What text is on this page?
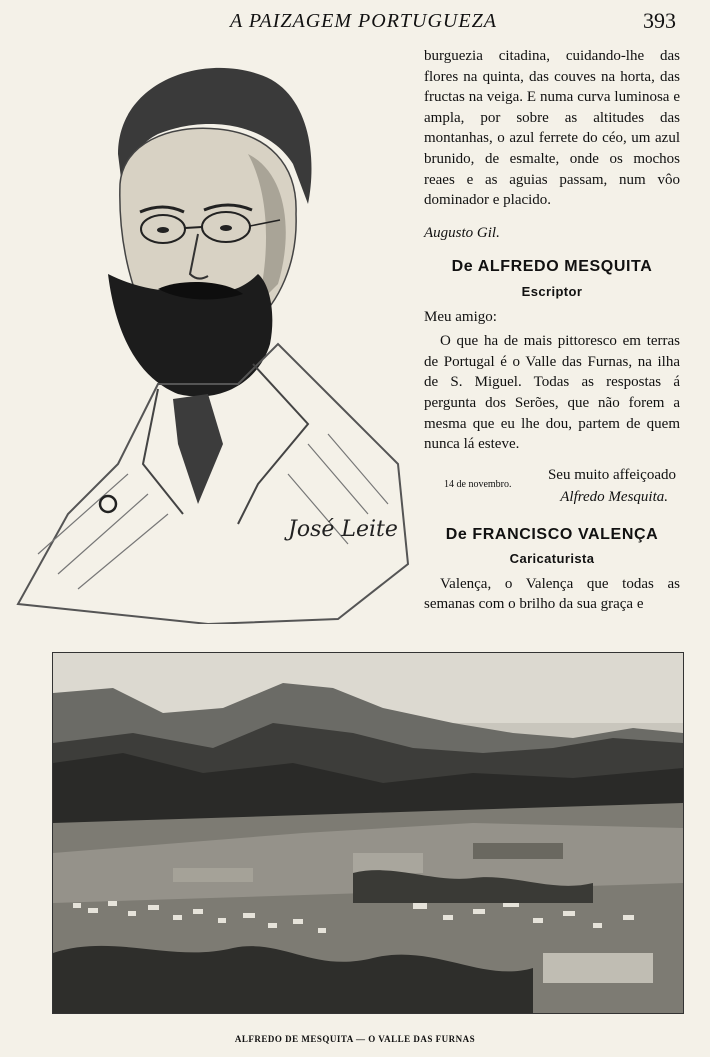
A PAIZAGEM PORTUGUEZA	393
José Leite

burguezia citadina, cuidando-lhe das flores na quinta, das couves na horta, das fructas na veiga. E numa curva luminosa e ampla, por sobre as altitudes das montanhas, o azul ferrete do céo, um azul brunido, de esmalte, onde os mochos reaes e as aguias passam, num vôo dominador e placido.

Augusto Gil.

De ALFREDO MESQUITA
Escriptor

Meu amigo:

O que ha de mais pittoresco em terras de Portugal é o Valle das Furnas, na ilha de S. Miguel. Todas as respostas á pergunta dos Serões, que não forem a mesma que eu lhe dou, partem de quem nunca lá esteve.

Seu muito affeiçoado
14 de novembro.
Alfredo Mesquita.
De FRANCISCO VALENÇA
Caricaturista

Valença, o Valença que todas as semanas com o brilho da sua graça e

ALFREDO DE MESQUITA — O VALLE DAS FURNAS
